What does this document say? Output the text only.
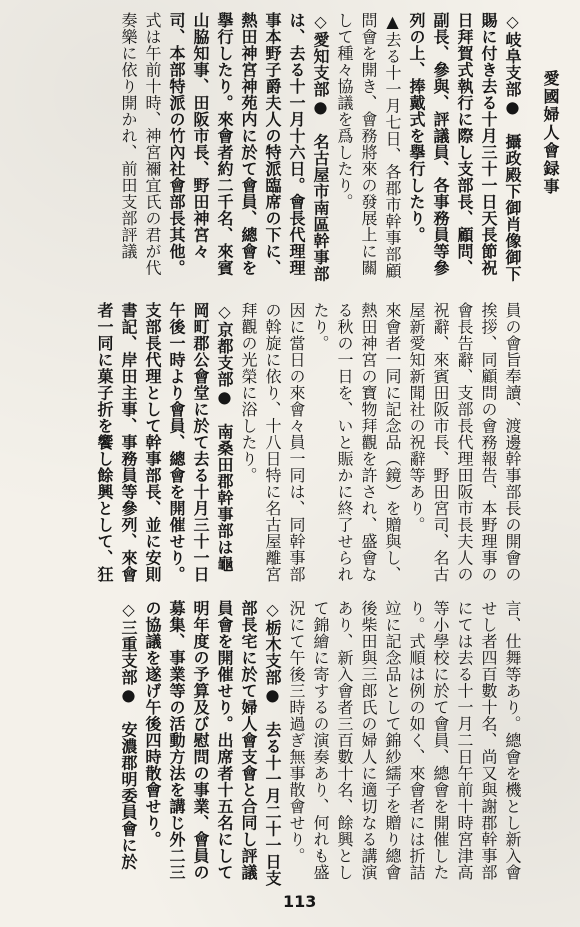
愛國婦人會録事

◇岐阜支部●　攝政殿下御肖像御下賜に付き去る十月三十一日天長節祝日拜賀式執行に際し支部長、顧問、副長、參與、評議員、各事務員等參列の上、捧戴式を擧行したり。

▲去る十一月七日、各郡市幹事部顧問會を開き、會務將來の發展上に關して種々協議を爲したり。

◇愛知支部●　名古屋市南區幹事部は、去る十一月十六日。會長代理理事本野子爵夫人の特派臨席の下に、熱田神宮神苑内に於て會員、總會を擧行したり。來會者約二千名、來賓山脇知事、田阪市長、野田神宮々司、本部特派の竹內社會部長其他。

式は午前十時、神宮禰宜氏の君が代奏樂に依り開かれ、前田支部評議

員の會旨奉讀、渡邊幹事部長の開會の挨拶、同顧問の會務報告、本野理事の會長告辭、支部長代理田阪市長夫人の祝辭、來賓田阪市長、野田宮司、名古屋新愛知新聞社の祝辭等あり。

來會者一同に記念品（鏡）を贈與し、熱田神宮の寶物拜觀を許され、盛會なる秋の一日を、いと賑かに終了せられたり。

因に當日の來會々員一同は、同幹事部の斡旋に依り、十八日特に名古屋離宮拜觀の光榮に浴したり。

◇京都支部●　南桑田郡幹事部は龜岡町郡公會堂に於て去る十月三十一日午後一時より會員、總會を開催せり。支部長代理として幹事部長、並に安則書記、岸田主事、事務員等參列、來會者一同に菓子折を饗し餘興として、狂

言、仕舞等あり。總會を機とし新入會せし者四百數十名、尚又與謝郡幹事部にては去る十一月二日午前十時宮津高等小學校に於て會員、總會を開催したり。式順は例の如く、來會者には折詰竝に記念品として錦紗繻子を贈り總會後柴田與三郎氏の婦人に適切なる講演あり、新入會者三百數十名、餘興として錦繪に寄するの演奏あり、何れも盛況にて午後三時過ぎ無事散會せり。

◇栃木支部●　去る十一月二十一日支部長宅に於て婦人會支會と合同し評議員會を開催せり。出席者十五名にして明年度の予算及び慰問の事業、會員の募集、事業等の活動方法を講じ外二三の協議を遂げ午後四時散會せり。

◇三重支部●　安濃郡明委員會に於

113
